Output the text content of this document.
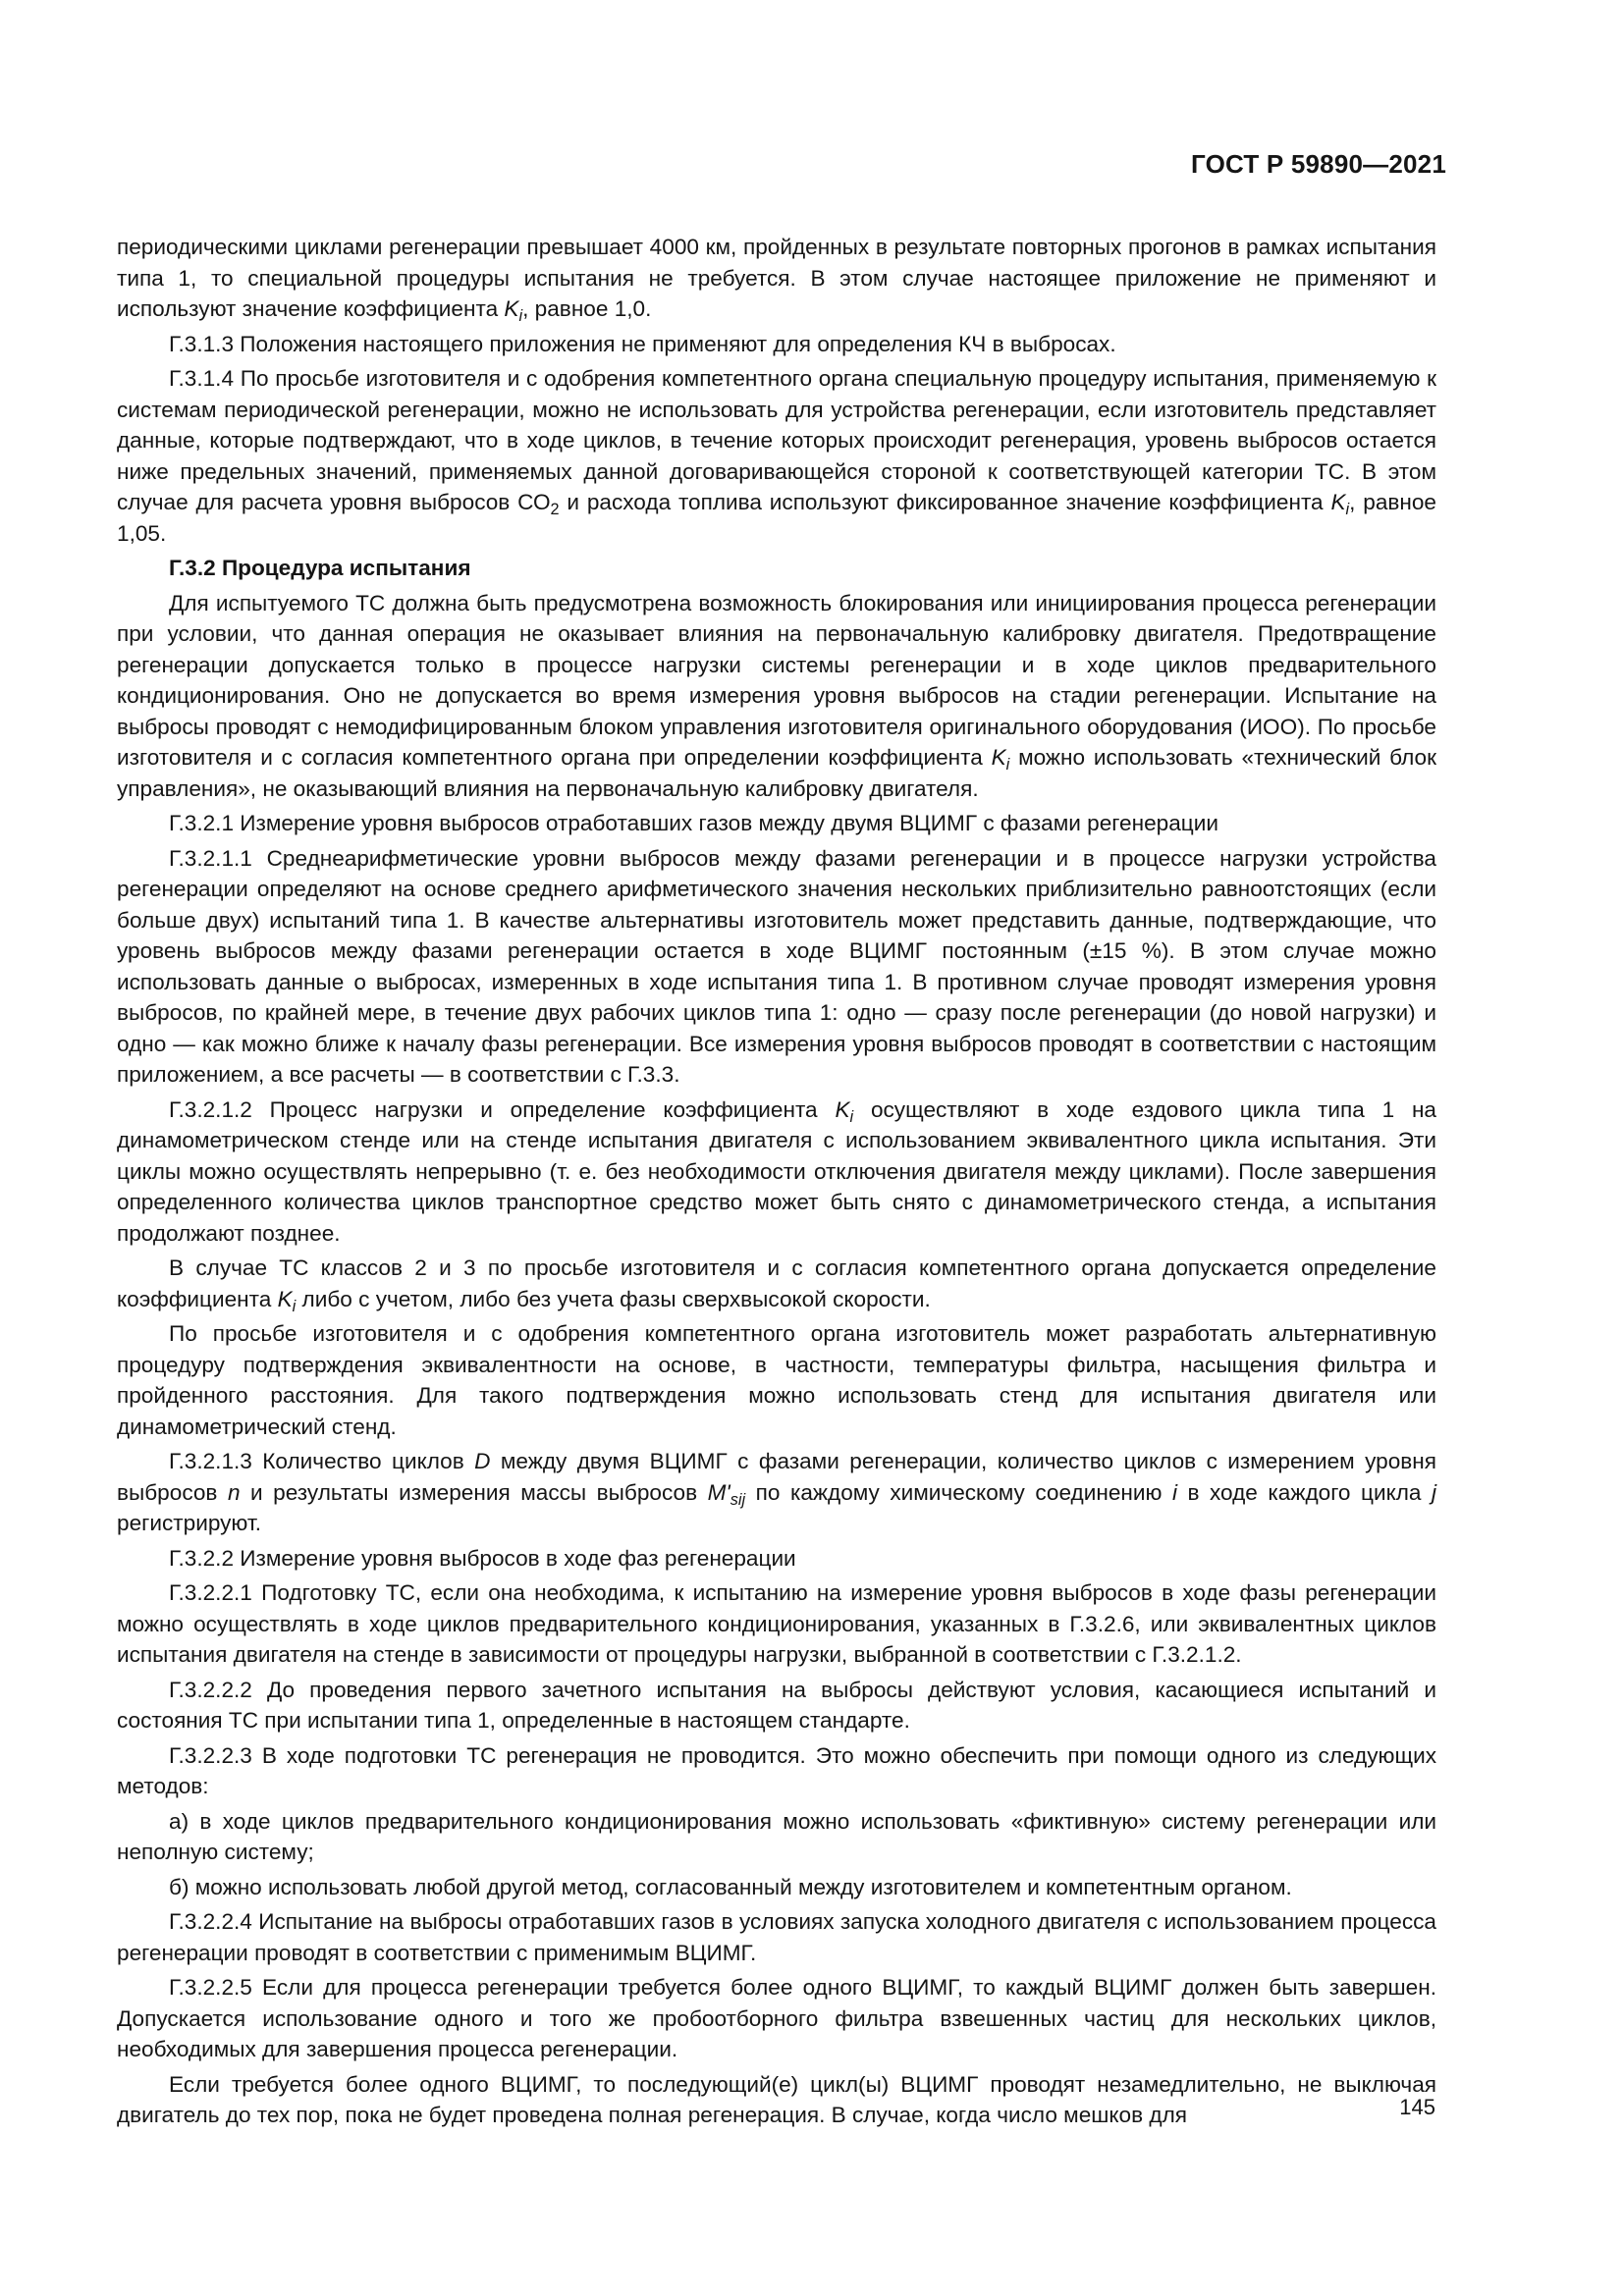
ГОСТ Р 59890—2021

периодическими циклами регенерации превышает 4000 км, пройденных в результате повторных прогонов в рамках испытания типа 1, то специальной процедуры испытания не требуется. В этом случае настоящее приложение не применяют и используют значение коэффициента $K_i$, равное 1,0.

Г.3.1.3 Положения настоящего приложения не применяют для определения КЧ в выбросах.

Г.3.1.4 По просьбе изготовителя и с одобрения компетентного органа специальную процедуру испытания, применяемую к системам периодической регенерации, можно не использовать для устройства регенерации, если изготовитель представляет данные, которые подтверждают, что в ходе циклов, в течение которых происходит регенерация, уровень выбросов остается ниже предельных значений, применяемых данной договаривающейся стороной к соответствующей категории ТС. В этом случае для расчета уровня выбросов $СО_2$ и расхода топлива используют фиксированное значение коэффициента $K_i$, равное 1,05.

Г.3.2 Процедура испытания

Для испытуемого ТС должна быть предусмотрена возможность блокирования или инициирования процесса регенерации при условии, что данная операция не оказывает влияния на первоначальную калибровку двигателя. Предотвращение регенерации допускается только в процессе нагрузки системы регенерации и в ходе циклов предварительного кондиционирования. Оно не допускается во время измерения уровня выбросов на стадии регенерации. Испытание на выбросы проводят с немодифицированным блоком управления изготовителя оригинального оборудования (ИОО). По просьбе изготовителя и с согласия компетентного органа при определении коэффициента $K_i$ можно использовать «технический блок управления», не оказывающий влияния на первоначальную калибровку двигателя.

Г.3.2.1 Измерение уровня выбросов отработавших газов между двумя ВЦИМГ с фазами регенерации

Г.3.2.1.1 Среднеарифметические уровни выбросов между фазами регенерации и в процессе нагрузки устройства регенерации определяют на основе среднего арифметического значения нескольких приблизительно равноотстоящих (если больше двух) испытаний типа 1. В качестве альтернативы изготовитель может представить данные, подтверждающие, что уровень выбросов между фазами регенерации остается в ходе ВЦИМГ постоянным (±15 %). В этом случае можно использовать данные о выбросах, измеренных в ходе испытания типа 1. В противном случае проводят измерения уровня выбросов, по крайней мере, в течение двух рабочих циклов типа 1: одно — сразу после регенерации (до новой нагрузки) и одно — как можно ближе к началу фазы регенерации. Все измерения уровня выбросов проводят в соответствии с настоящим приложением, а все расчеты — в соответствии с Г.3.3.

Г.3.2.1.2 Процесс нагрузки и определение коэффициента $K_i$ осуществляют в ходе ездового цикла типа 1 на динамометрическом стенде или на стенде испытания двигателя с использованием эквивалентного цикла испытания. Эти циклы можно осуществлять непрерывно (т. е. без необходимости отключения двигателя между циклами). После завершения определенного количества циклов транспортное средство может быть снято с динамометрического стенда, а испытания продолжают позднее.

В случае ТС классов 2 и 3 по просьбе изготовителя и с согласия компетентного органа допускается определение коэффициента $K_i$ либо с учетом, либо без учета фазы сверхвысокой скорости.

По просьбе изготовителя и с одобрения компетентного органа изготовитель может разработать альтернативную процедуру подтверждения эквивалентности на основе, в частности, температуры фильтра, насыщения фильтра и пройденного расстояния. Для такого подтверждения можно использовать стенд для испытания двигателя или динамометрический стенд.

Г.3.2.1.3 Количество циклов D между двумя ВЦИМГ с фазами регенерации, количество циклов с измерением уровня выбросов n и результаты измерения массы выбросов $M'_{sij}$ по каждому химическому соединению i в ходе каждого цикла j регистрируют.

Г.3.2.2 Измерение уровня выбросов в ходе фаз регенерации

Г.3.2.2.1 Подготовку ТС, если она необходима, к испытанию на измерение уровня выбросов в ходе фазы регенерации можно осуществлять в ходе циклов предварительного кондиционирования, указанных в Г.3.2.6, или эквивалентных циклов испытания двигателя на стенде в зависимости от процедуры нагрузки, выбранной в соответствии с Г.3.2.1.2.

Г.3.2.2.2 До проведения первого зачетного испытания на выбросы действуют условия, касающиеся испытаний и состояния ТС при испытании типа 1, определенные в настоящем стандарте.

Г.3.2.2.3 В ходе подготовки ТС регенерация не проводится. Это можно обеспечить при помощи одного из следующих методов:

а) в ходе циклов предварительного кондиционирования можно использовать «фиктивную» систему регенерации или неполную систему;

б) можно использовать любой другой метод, согласованный между изготовителем и компетентным органом.

Г.3.2.2.4 Испытание на выбросы отработавших газов в условиях запуска холодного двигателя с использованием процесса регенерации проводят в соответствии с применимым ВЦИМГ.

Г.3.2.2.5 Если для процесса регенерации требуется более одного ВЦИМГ, то каждый ВЦИМГ должен быть завершен. Допускается использование одного и того же пробоотборного фильтра взвешенных частиц для нескольких циклов, необходимых для завершения процесса регенерации.

Если требуется более одного ВЦИМГ, то последующий(е) цикл(ы) ВЦИМГ проводят незамедлительно, не выключая двигатель до тех пор, пока не будет проведена полная регенерация. В случае, когда число мешков для	145
